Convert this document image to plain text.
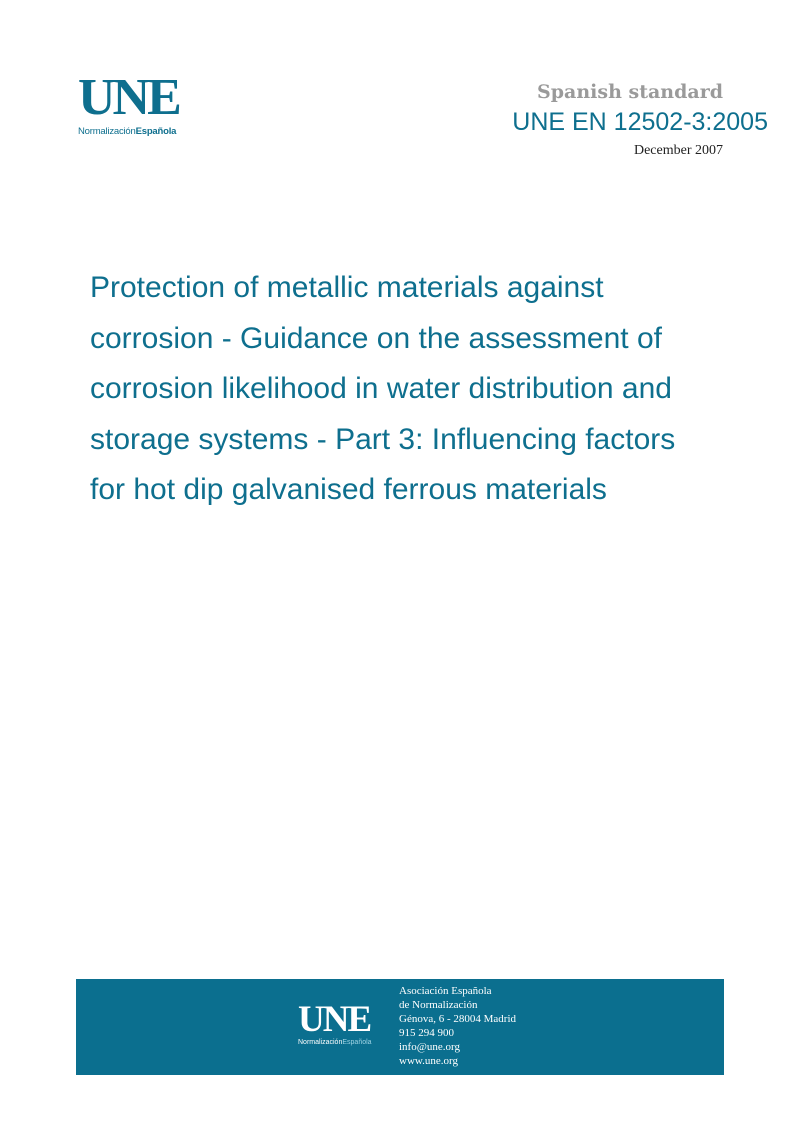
UNE
NormalizaciónEspañola
Spanish standard
UNE EN 12502-3:2005
December 2007
Protection of metallic materials against corrosion - Guidance on the assessment of corrosion likelihood in water distribution and storage systems - Part 3: Influencing factors for hot dip galvanised ferrous materials
UNE
NormalizaciónEspañola
Asociación Española
de Normalización
Génova, 6 - 28004 Madrid
915 294 900
info@une.org
www.une.org
